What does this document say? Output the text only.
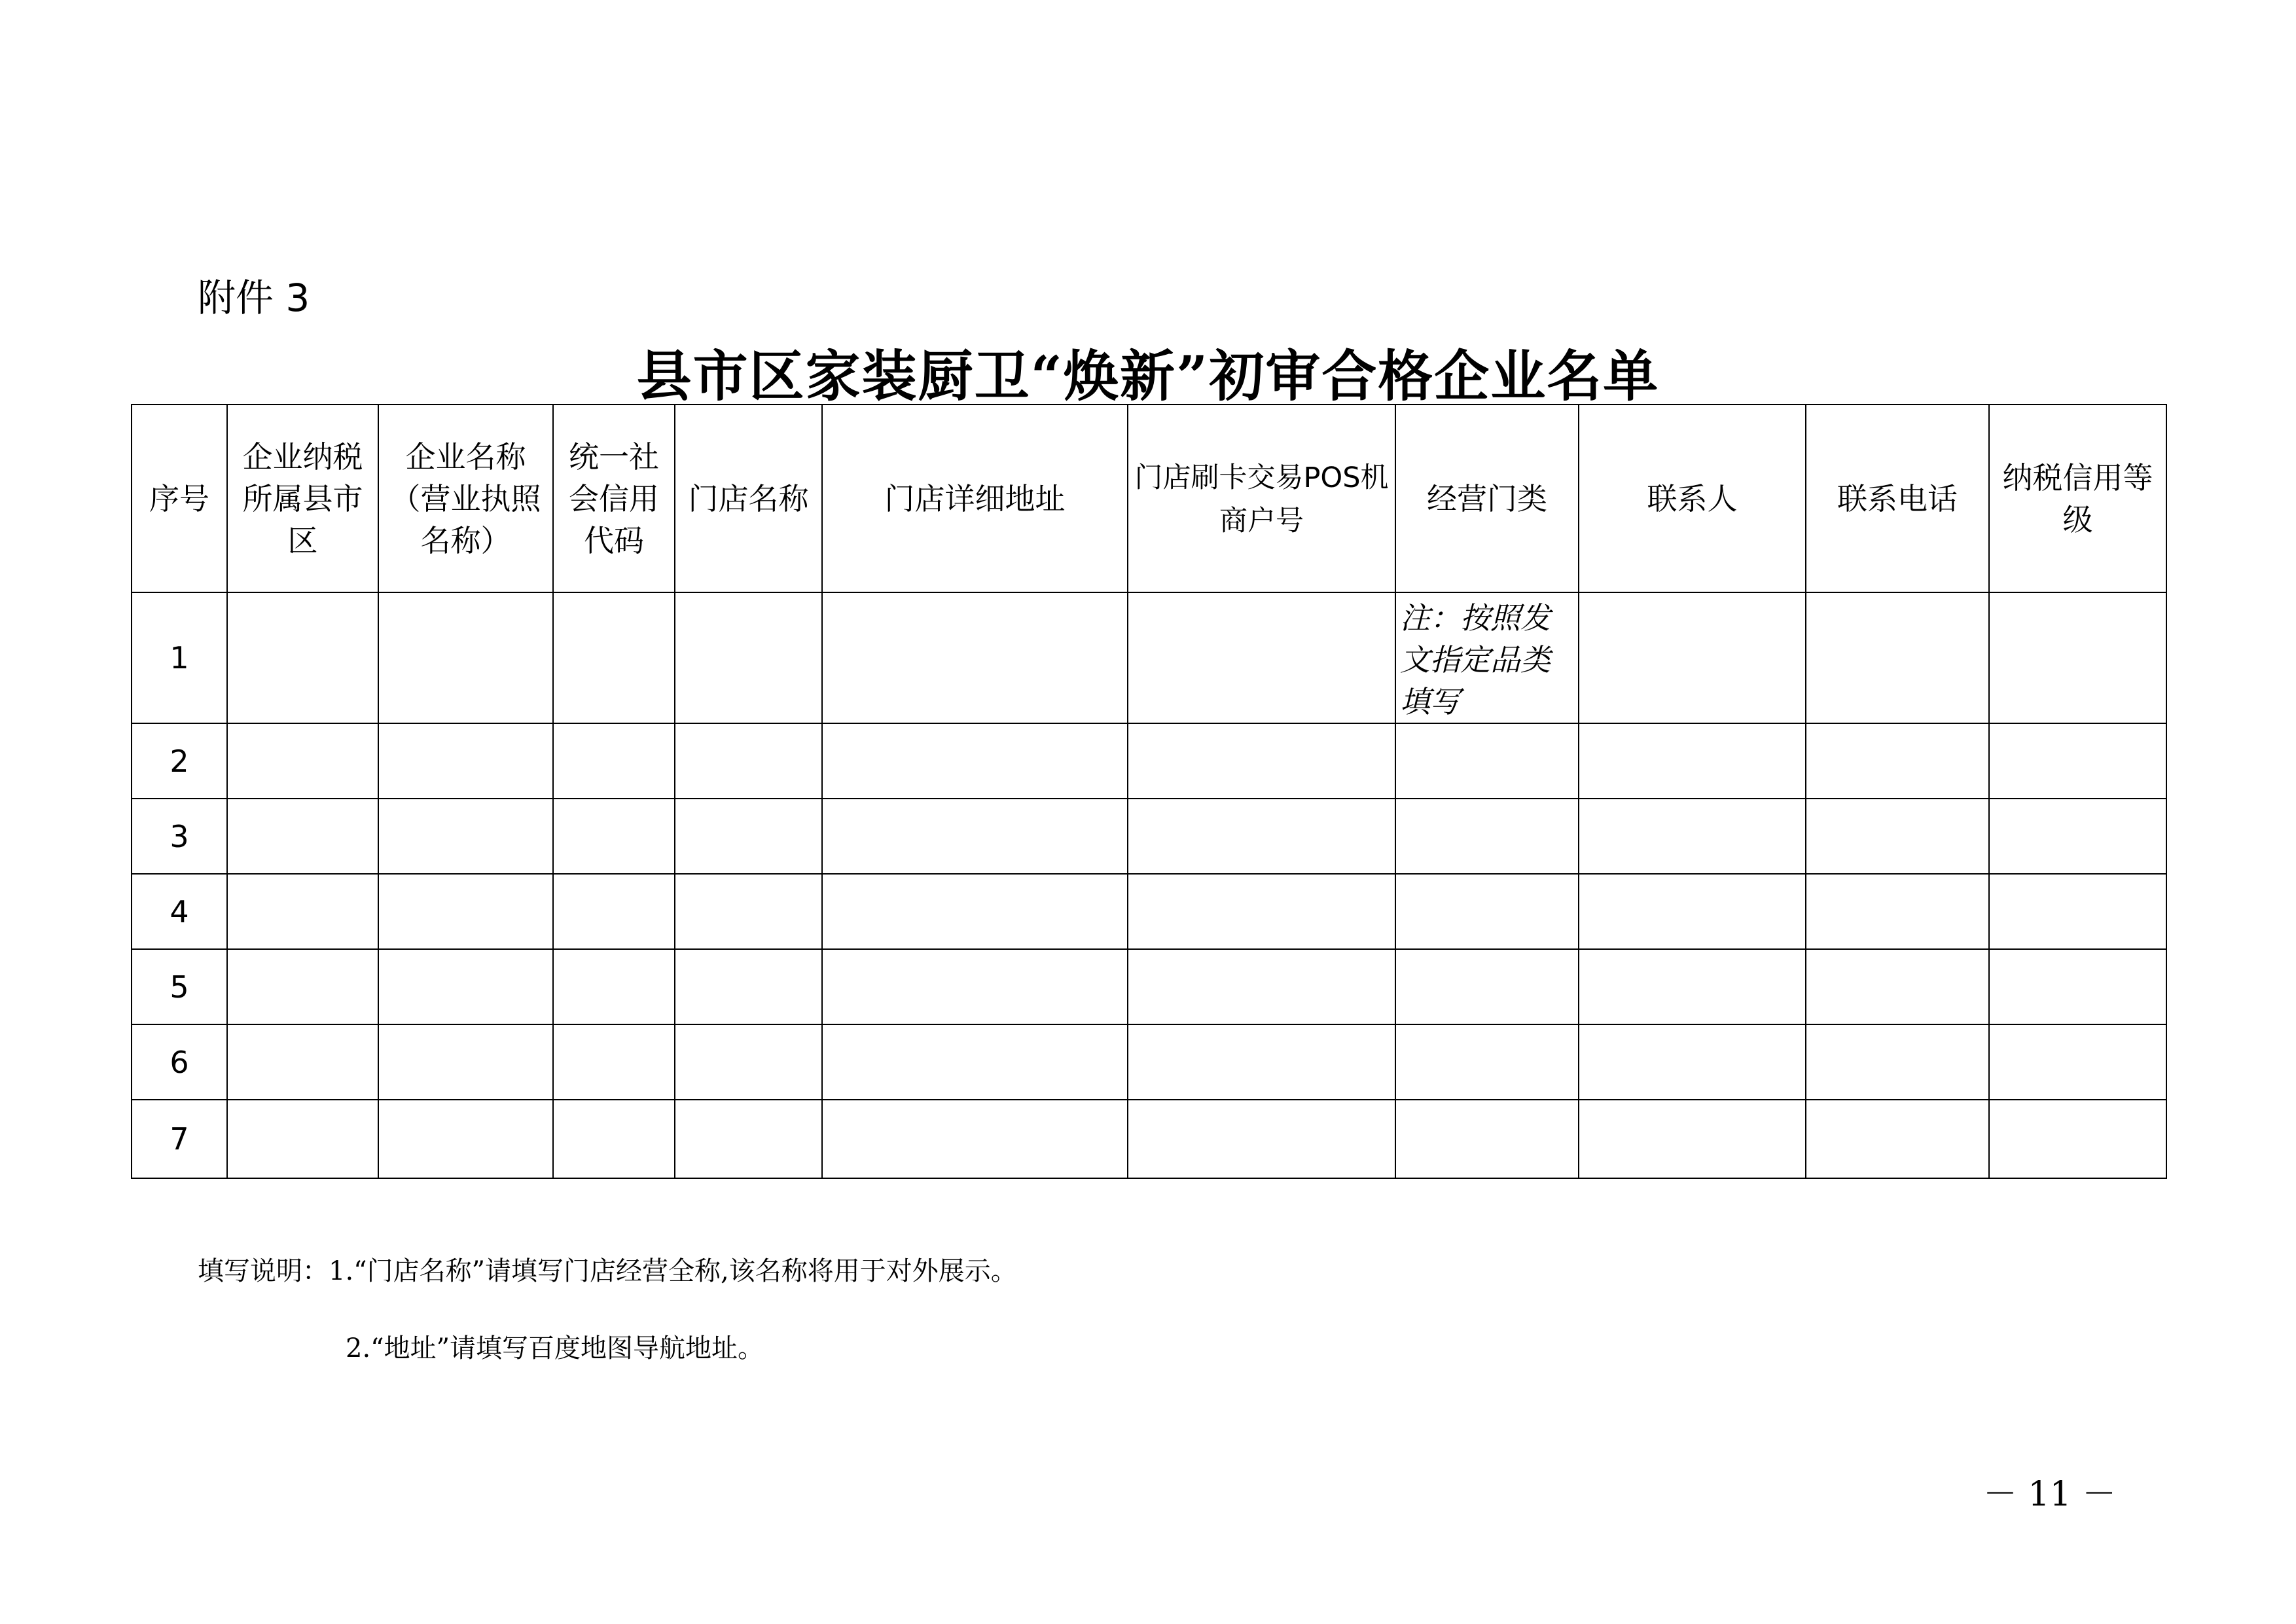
附件 3
县市区家装厨卫“焕新”初审合格企业名单
序号	企业纳税所属县市区	企业名称（营业执照名称）	统一社会信用代码	门店名称	门店详细地址	门店刷卡交易POS机商户号	经营门类	联系人	联系电话	纳税信用等级
1							注：按照发文指定品类填写			
2										
3										
4										
5										
6										
7										
填写说明：1.“门店名称”请填写门店经营全称,该名称将用于对外展示。
2.“地址”请填写百度地图导航地址。
－ 11 －
